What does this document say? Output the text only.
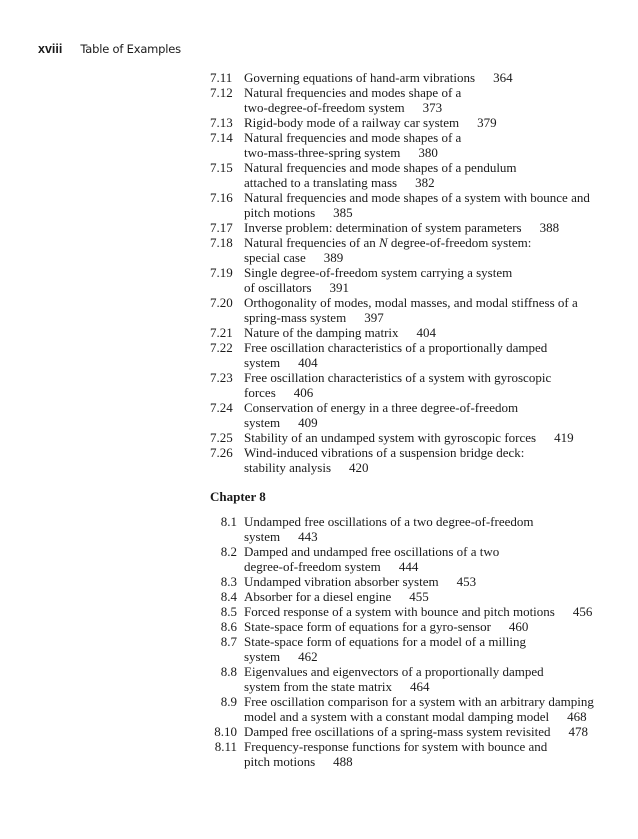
xviii Table of Examples
7.11 Governing equations of hand-arm vibrations 364
7.12 Natural frequencies and modes shape of a
two-degree-of-freedom system 373
7.13 Rigid-body mode of a railway car system 379
7.14 Natural frequencies and mode shapes of a
two-mass-three-spring system 380
7.15 Natural frequencies and mode shapes of a pendulum
attached to a translating mass 382
7.16 Natural frequencies and mode shapes of a system with bounce and
pitch motions 385
7.17 Inverse problem: determination of system parameters 388
7.18 Natural frequencies of an N degree-of-freedom system:
special case 389
7.19 Single degree-of-freedom system carrying a system
of oscillators 391
7.20 Orthogonality of modes, modal masses, and modal stiffness of a
spring-mass system 397
7.21 Nature of the damping matrix 404
7.22 Free oscillation characteristics of a proportionally damped
system 404
7.23 Free oscillation characteristics of a system with gyroscopic
forces 406
7.24 Conservation of energy in a three degree-of-freedom
system 409
7.25 Stability of an undamped system with gyroscopic forces 419
7.26 Wind-induced vibrations of a suspension bridge deck:
stability analysis 420
Chapter 8
8.1 Undamped free oscillations of a two degree-of-freedom
system 443
8.2 Damped and undamped free oscillations of a two
degree-of-freedom system 444
8.3 Undamped vibration absorber system 453
8.4 Absorber for a diesel engine 455
8.5 Forced response of a system with bounce and pitch motions 456
8.6 State-space form of equations for a gyro-sensor 460
8.7 State-space form of equations for a model of a milling
system 462
8.8 Eigenvalues and eigenvectors of a proportionally damped
system from the state matrix 464
8.9 Free oscillation comparison for a system with an arbitrary damping
model and a system with a constant modal damping model 468
8.10 Damped free oscillations of a spring-mass system revisited 478
8.11 Frequency-response functions for system with bounce and
pitch motions 488
